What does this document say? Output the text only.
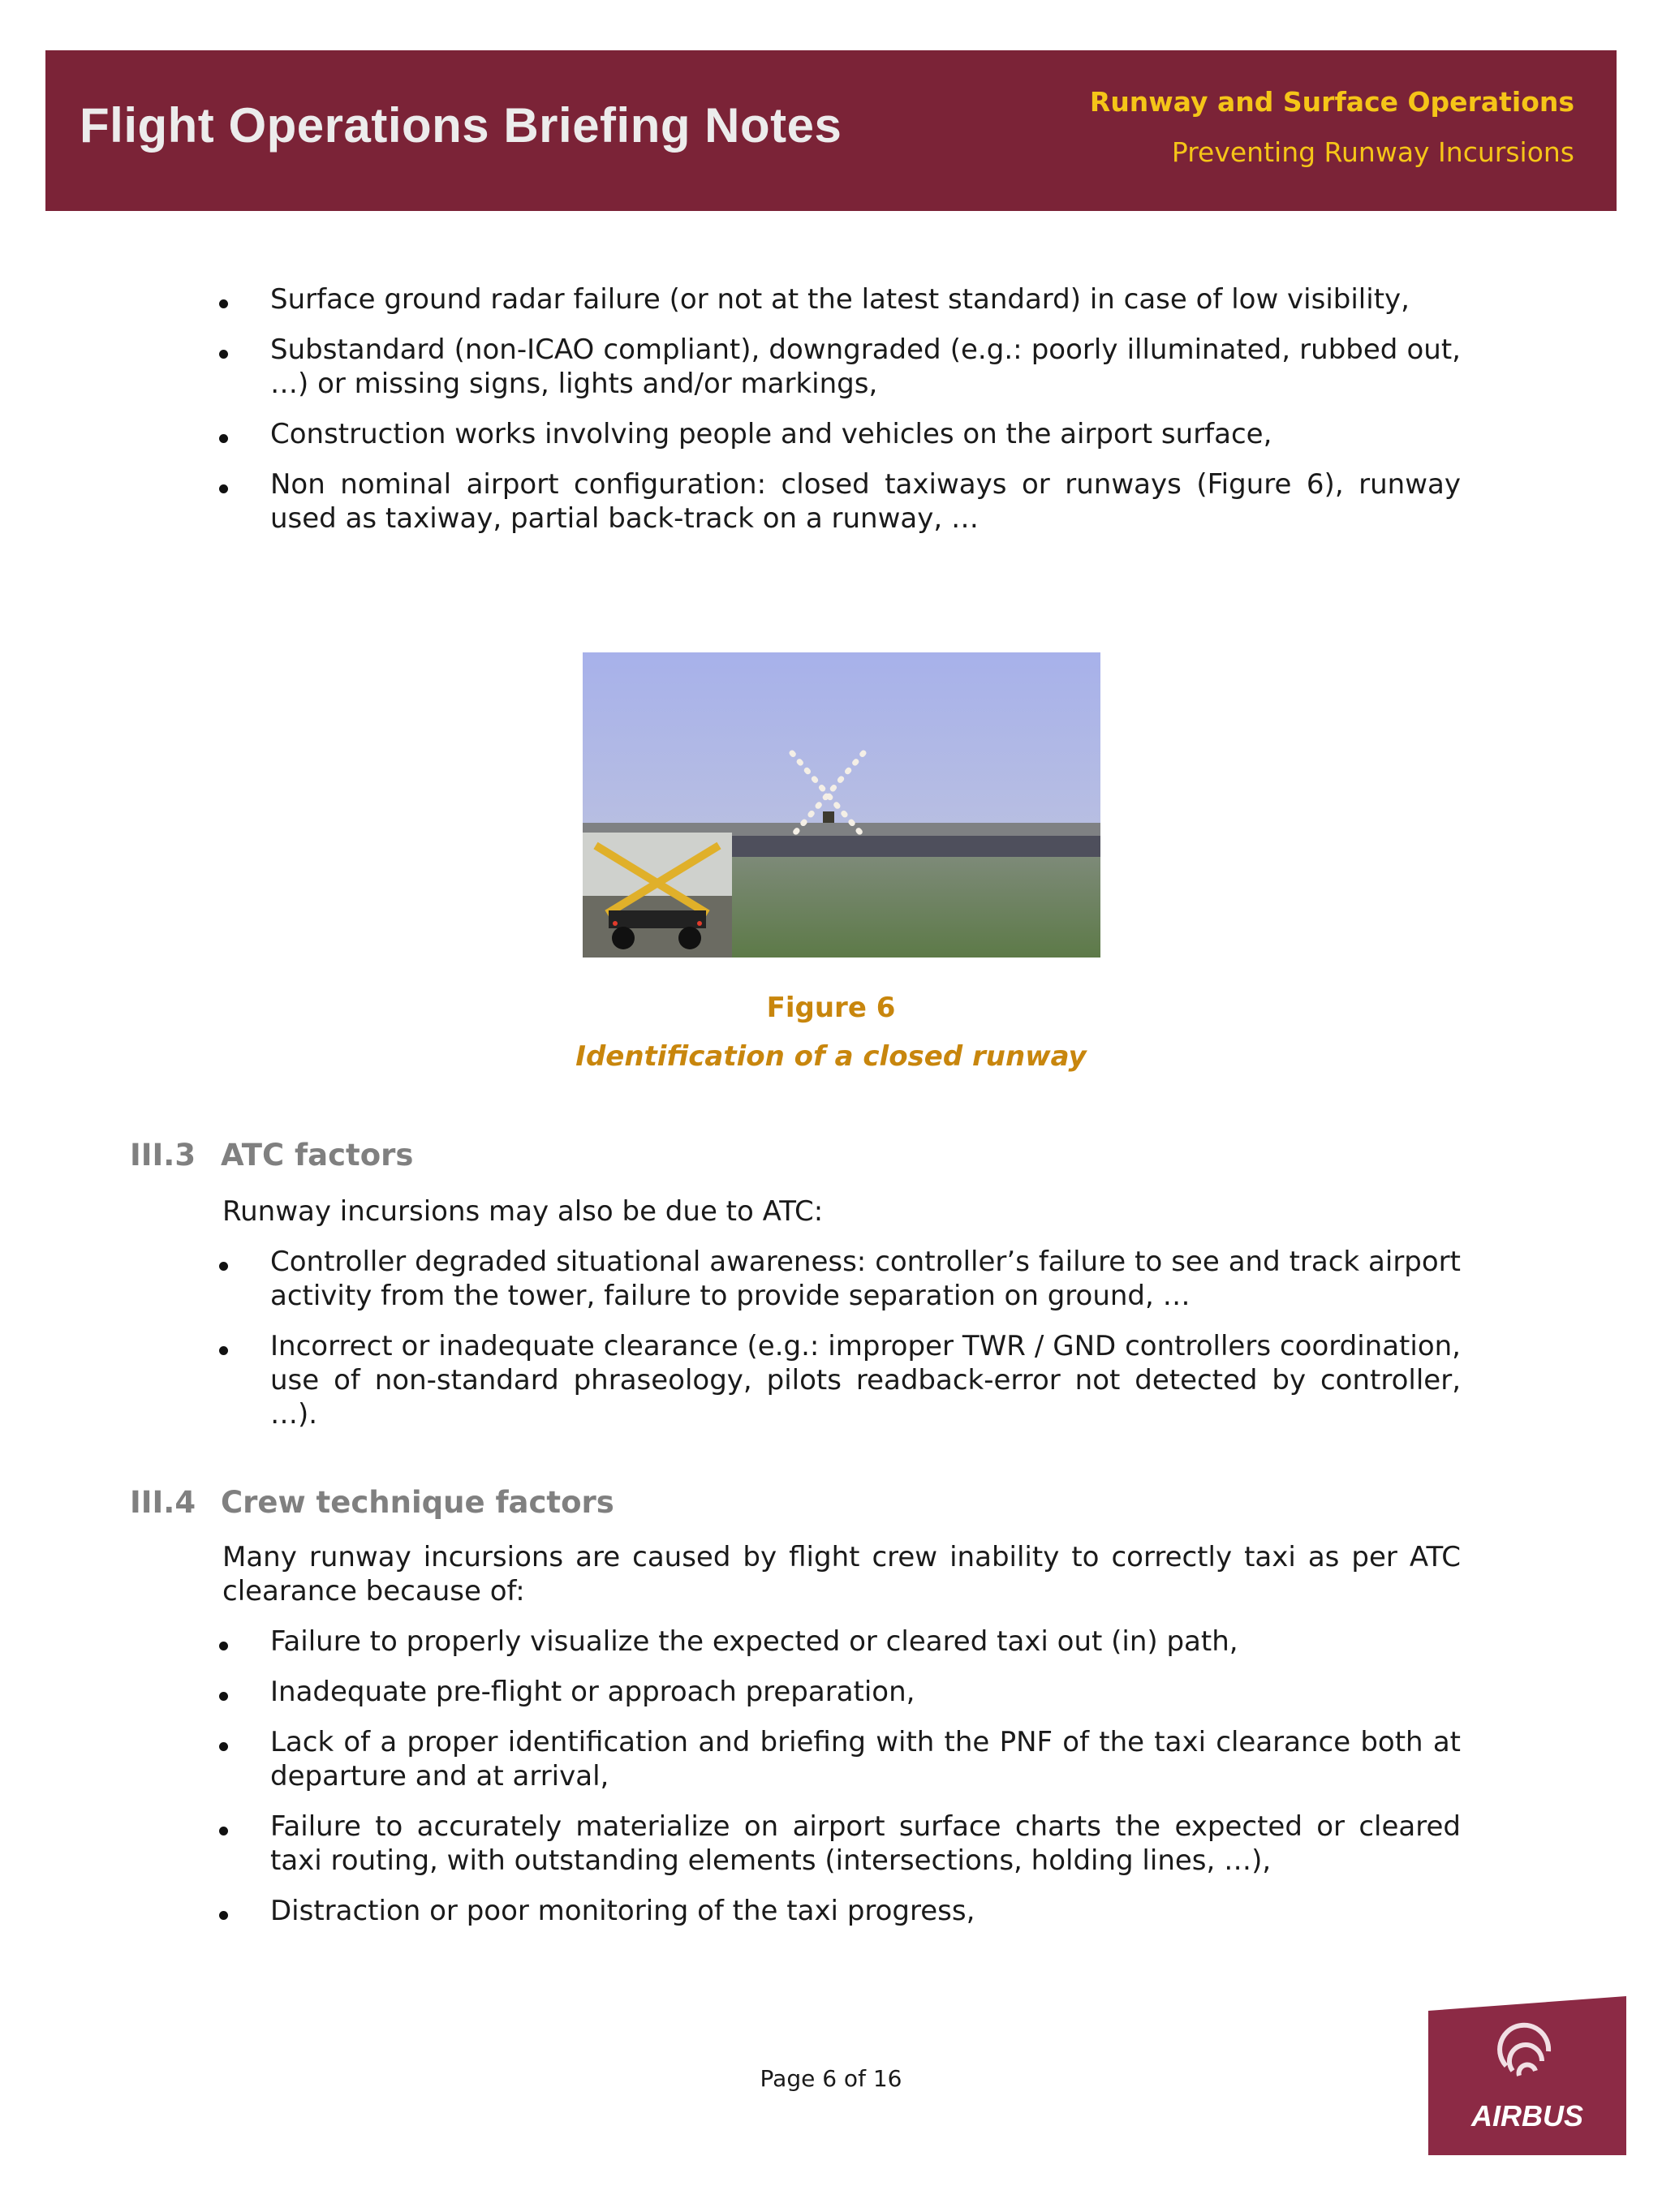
Flight Operations Briefing Notes	Runway and Surface Operations
Preventing Runway Incursions
Surface ground radar failure (or not at the latest standard) in case of low visibility,
Substandard (non-ICAO compliant), downgraded (e.g.: poorly illuminated, rubbed out, …) or missing signs, lights and/or markings,
Construction works involving people and vehicles on the airport surface,
Non nominal airport configuration: closed taxiways or runways (Figure 6), runway used as taxiway, partial back-track on a runway, …
Figure 6
Identification of a closed runway
III.3 ATC factors

Runway incursions may also be due to ATC:

Controller degraded situational awareness: controller’s failure to see and track airport activity from the tower, failure to provide separation on ground, …
Incorrect or inadequate clearance (e.g.: improper TWR / GND controllers coordination, use of non-standard phraseology, pilots readback-error not detected by controller, …).
III.4 Crew technique factors

Many runway incursions are caused by flight crew inability to correctly taxi as per ATC clearance because of:

Failure to properly visualize the expected or cleared taxi out (in) path,
Inadequate pre-flight or approach preparation,
Lack of a proper identification and briefing with the PNF of the taxi clearance both at departure and at arrival,
Failure to accurately materialize on airport surface charts the expected or cleared taxi routing, with outstanding elements (intersections, holding lines, …),
Distraction or poor monitoring of the taxi progress,
Page 6 of 16
AIRBUS
